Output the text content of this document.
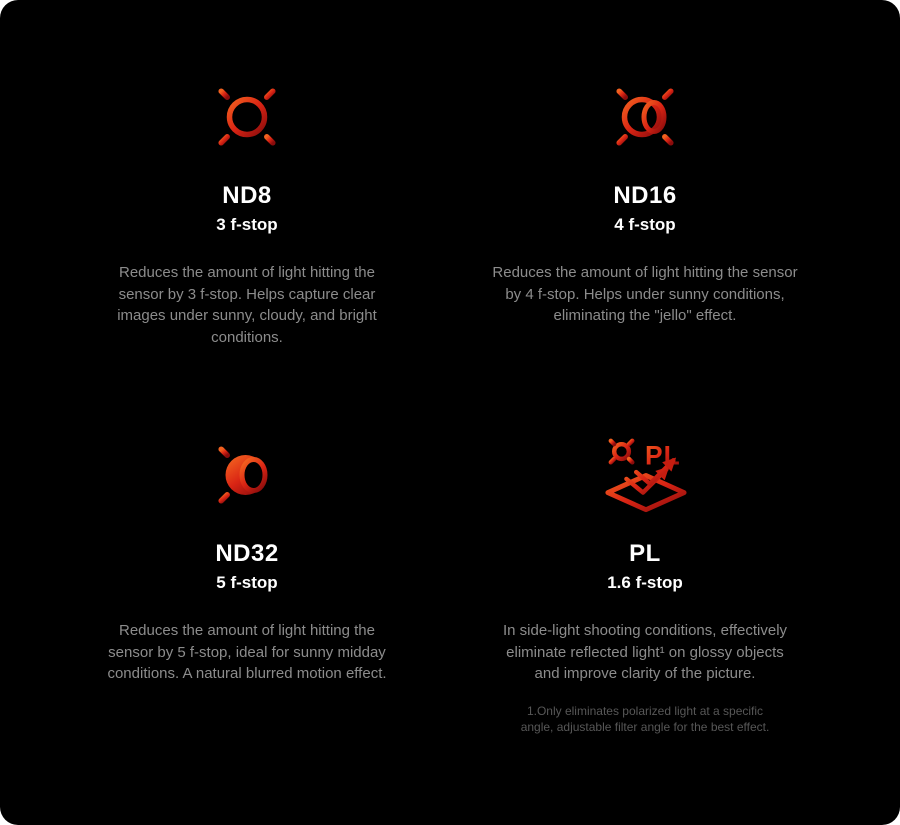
ND8
3 f-stop

Reduces the amount of light hitting the sensor by 3 f-stop. Helps capture clear images under sunny, cloudy, and bright conditions.

ND16
4 f-stop

Reduces the amount of light hitting the sensor by 4 f-stop. Helps under sunny conditions, eliminating the "jello" effect.

ND32
5 f-stop

Reduces the amount of light hitting the sensor by 5 f-stop, ideal for sunny midday conditions. A natural blurred motion effect.

PL
PL
1.6 f-stop

In side-light shooting conditions, effectively eliminate reflected light¹ on glossy objects and improve clarity of the picture.

1.Only eliminates polarized light at a specific angle, adjustable filter angle for the best effect.
